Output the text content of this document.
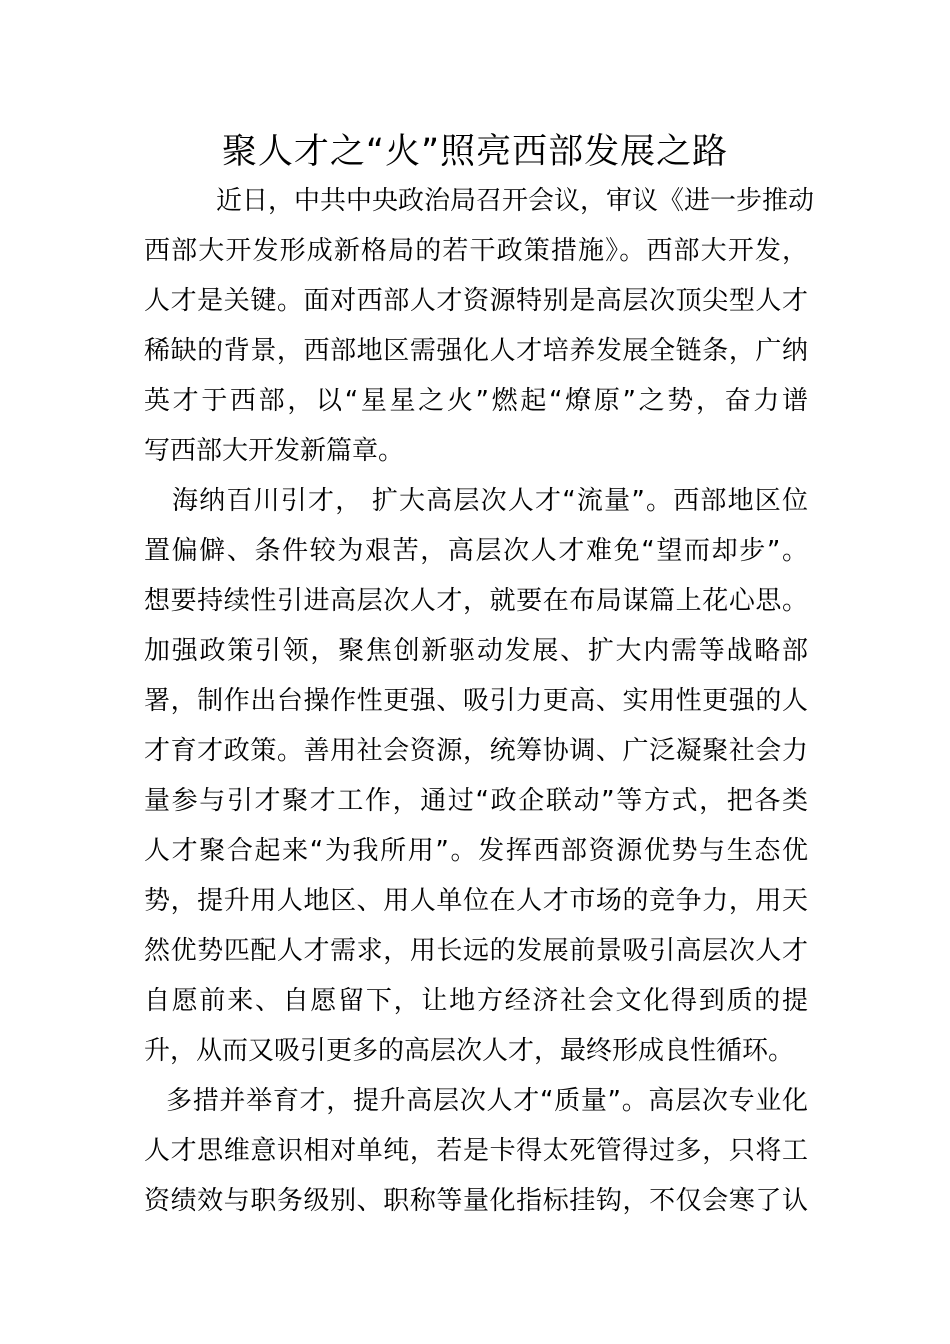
聚人才之“火”照亮西部发展之路
近日，中共中央政治局召开会议，审议《进一步推动
西部大开发形成新格局的若干政策措施》。西部大开发，
人才是关键。面对西部人才资源特别是高层次顶尖型人才
稀缺的背景，西部地区需强化人才培养发展全链条，广纳
英才于西部，以“星星之火”燃起“燎原”之势，奋力谱
写西部大开发新篇章。
海纳百川引才， 扩大高层次人才“流量”。西部地区位
置偏僻、条件较为艰苦，高层次人才难免“望而却步”。
想要持续性引进高层次人才，就要在布局谋篇上花心思。
加强政策引领，聚焦创新驱动发展、扩大内需等战略部
署，制作出台操作性更强、吸引力更高、实用性更强的人
才育才政策。善用社会资源，统筹协调、广泛凝聚社会力
量参与引才聚才工作，通过“政企联动”等方式，把各类
人才聚合起来“为我所用”。发挥西部资源优势与生态优
势，提升用人地区、用人单位在人才市场的竞争力，用天
然优势匹配人才需求，用长远的发展前景吸引高层次人才
自愿前来、自愿留下，让地方经济社会文化得到质的提
升，从而又吸引更多的高层次人才，最终形成良性循环。
多措并举育才，提升高层次人才“质量”。高层次专业化
人才思维意识相对单纯，若是卡得太死管得过多，只将工
资绩效与职务级别、职称等量化指标挂钩，不仅会寒了认
